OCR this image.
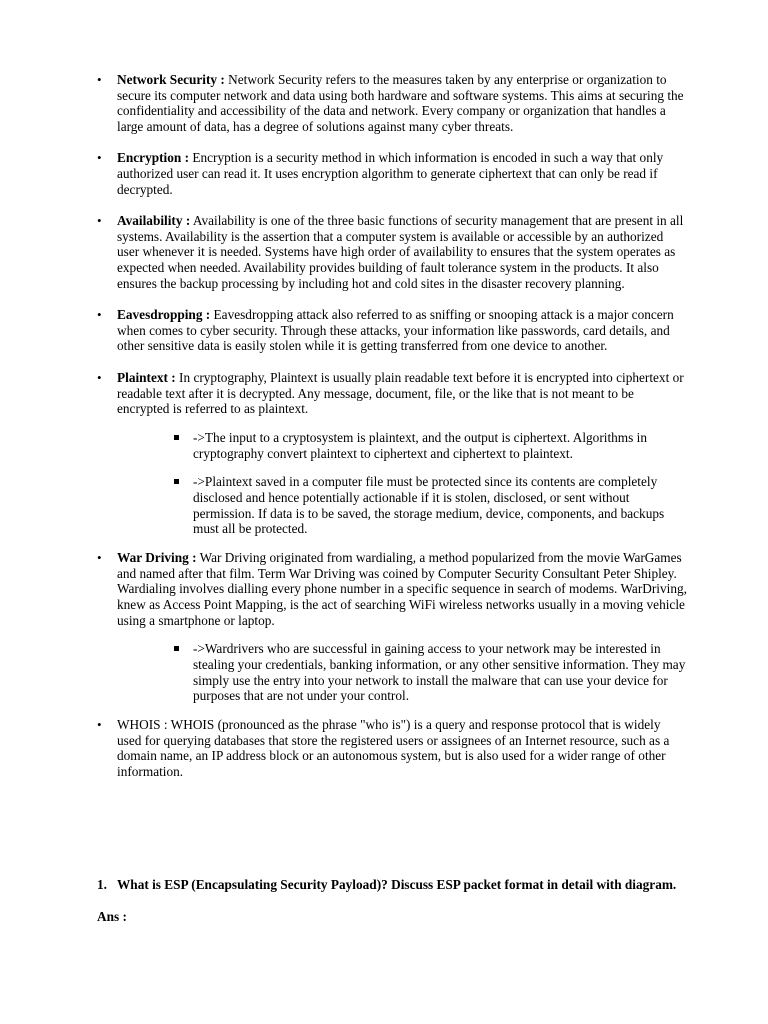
• Network Security : Network Security refers to the measures taken by any enterprise or organization to secure its computer network and data using both hardware and software systems. This aims at securing the confidentiality and accessibility of the data and network. Every company or organization that handles a large amount of data, has a degree of solutions against many cyber threats.

• Encryption : Encryption is a security method in which information is encoded in such a way that only authorized user can read it. It uses encryption algorithm to generate ciphertext that can only be read if decrypted.

• Availability : Availability is one of the three basic functions of security management that are present in all systems. Availability is the assertion that a computer system is available or accessible by an authorized user whenever it is needed. Systems have high order of availability to ensures that the system operates as expected when needed. Availability provides building of fault tolerance system in the products. It also ensures the backup processing by including hot and cold sites in the disaster recovery planning.

• Eavesdropping : Eavesdropping attack also referred to as sniffing or snooping attack is a major concern when comes to cyber security. Through these attacks, your information like passwords, card details, and other sensitive data is easily stolen while it is getting transferred from one device to another.

• Plaintext : In cryptography, Plaintext is usually plain readable text before it is encrypted into ciphertext or readable text after it is decrypted. Any message, document, file, or the like that is not meant to be encrypted is referred to as plaintext.

->The input to a cryptosystem is plaintext, and the output is ciphertext. Algorithms in cryptography convert plaintext to ciphertext and ciphertext to plaintext.

->Plaintext saved in a computer file must be protected since its contents are completely disclosed and hence potentially actionable if it is stolen, disclosed, or sent without permission. If data is to be saved, the storage medium, device, components, and backups must all be protected.

• War Driving : War Driving originated from wardialing, a method popularized from the movie WarGames and named after that film. Term War Driving was coined by Computer Security Consultant Peter Shipley. Wardialing involves dialling every phone number in a specific sequence in search of modems. WarDriving, knew as Access Point Mapping, is the act of searching WiFi wireless networks usually in a moving vehicle using a smartphone or laptop.

->Wardrivers who are successful in gaining access to your network may be interested in stealing your credentials, banking information, or any other sensitive information. They may simply use the entry into your network to install the malware that can use your device for purposes that are not under your control.

• WHOIS : WHOIS (pronounced as the phrase "who is") is a query and response protocol that is widely used for querying databases that store the registered users or assignees of an Internet resource, such as a domain name, an IP address block or an autonomous system, but is also used for a wider range of other information.

1. What is ESP (Encapsulating Security Payload)? Discuss ESP packet format in detail with diagram.
Ans :
